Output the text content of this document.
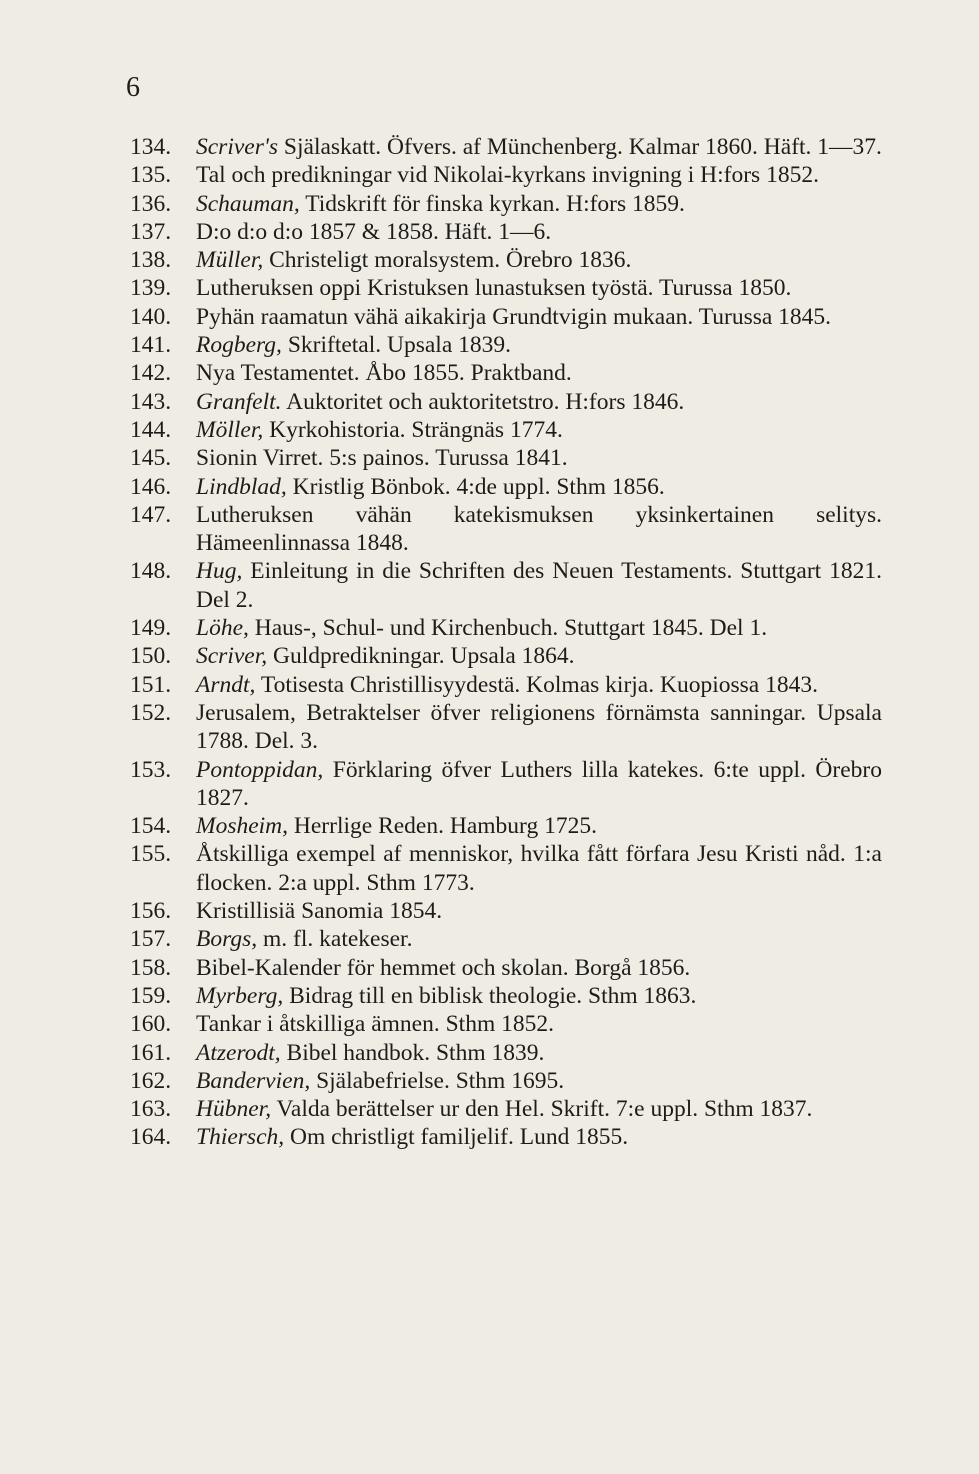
6
134.	Scriver's Själaskatt. Öfvers. af Münchenberg. Kalmar 1860. Häft. 1—37.
135.	Tal och predikningar vid Nikolai-kyrkans invigning i H:fors 1852.
136.	Schauman, Tidskrift för finska kyrkan. H:fors 1859.
137.	D:o d:o d:o 1857 & 1858. Häft. 1—6.
138.	Müller, Christeligt moralsystem. Örebro 1836.
139.	Lutheruksen oppi Kristuksen lunastuksen työstä. Turussa 1850.
140.	Pyhän raamatun vähä aikakirja Grundtvigin mukaan. Turussa 1845.
141.	Rogberg, Skriftetal. Upsala 1839.
142.	Nya Testamentet. Åbo 1855. Praktband.
143.	Granfelt. Auktoritet och auktoritetstro. H:fors 1846.
144.	Möller, Kyrkohistoria. Strängnäs 1774.
145.	Sionin Virret. 5:s painos. Turussa 1841.
146.	Lindblad, Kristlig Bönbok. 4:de uppl. Sthm 1856.
147.	Lutheruksen vähän katekismuksen yksinkertainen selitys. Hämeenlinnassa 1848.
148.	Hug, Einleitung in die Schriften des Neuen Testaments. Stuttgart 1821. Del 2.
149.	Löhe, Haus-, Schul- und Kirchenbuch. Stuttgart 1845. Del 1.
150.	Scriver, Guldpredikningar. Upsala 1864.
151.	Arndt, Totisesta Christillisyydestä. Kolmas kirja. Kuopiossa 1843.
152.	Jerusalem, Betraktelser öfver religionens förnämsta sanningar. Upsala 1788. Del. 3.
153.	Pontoppidan, Förklaring öfver Luthers lilla katekes. 6:te uppl. Örebro 1827.
154.	Mosheim, Herrlige Reden. Hamburg 1725.
155.	Åtskilliga exempel af menniskor, hvilka fått förfara Jesu Kristi nåd. 1:a flocken. 2:a uppl. Sthm 1773.
156.	Kristillisiä Sanomia 1854.
157.	Borgs, m. fl. katekeser.
158.	Bibel-Kalender för hemmet och skolan. Borgå 1856.
159.	Myrberg, Bidrag till en biblisk theologie. Sthm 1863.
160.	Tankar i åtskilliga ämnen. Sthm 1852.
161.	Atzerodt, Bibel handbok. Sthm 1839.
162.	Bandervien, Själabefrielse. Sthm 1695.
163.	Hübner, Valda berättelser ur den Hel. Skrift. 7:e uppl. Sthm 1837.
164.	Thiersch, Om christligt familjelif. Lund 1855.
